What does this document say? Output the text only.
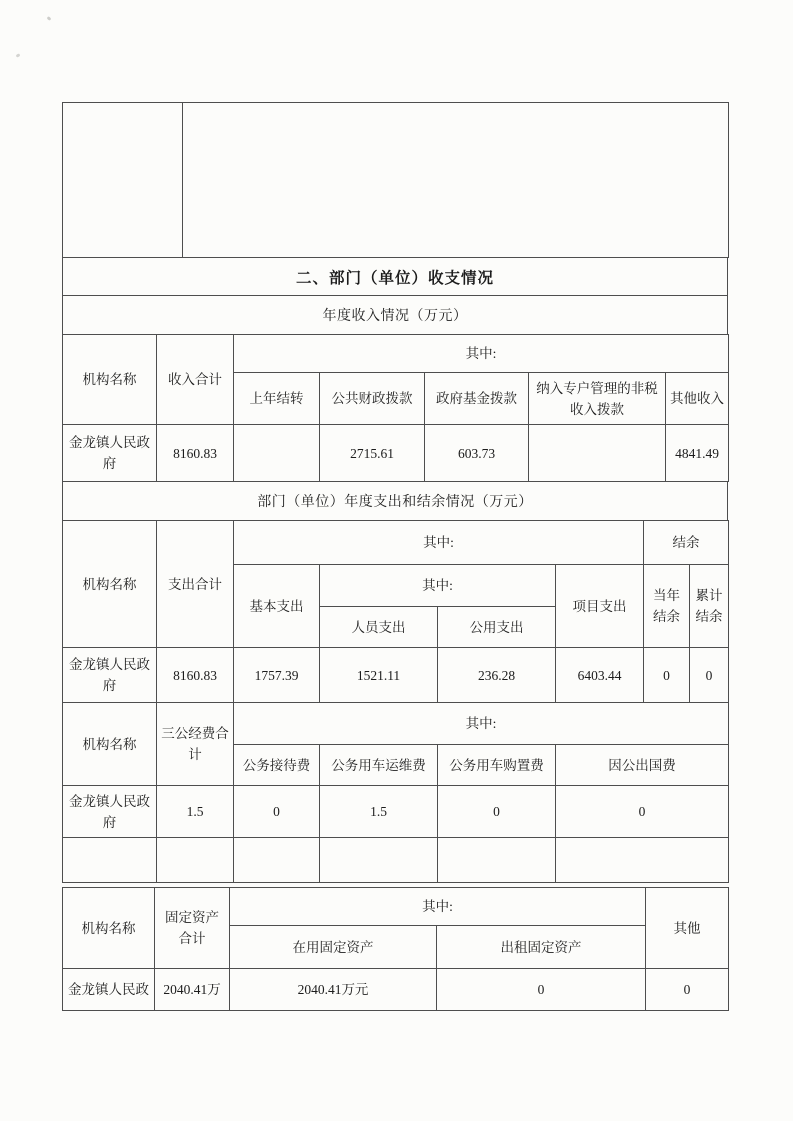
二、部门（单位）收支情况
年度收入情况（万元）
机构名称	收入合计	其中:				
		上年结转	公共财政拨款	政府基金拨款	纳入专户管理的非税收入拨款	其他收入
金龙镇人民政府	8160.83		2715.61	603.73		4841.49
部门（单位）年度支出和结余情况（万元）
机构名称	支出合计	其中:				结余	
		基本支出	其中:		项目支出	当年结余	累计结余
			人员支出	公用支出			
金龙镇人民政府	8160.83	1757.39	1521.11	236.28	6403.44	0	0
机构名称	三公经费合计	其中:			
		公务接待费	公务用车运维费	公务用车购置费	因公出国费
金龙镇人民政府	1.5	0	1.5	0	0

机构名称	固定资产合计	其中:		其他
		在用固定资产	出租固定资产	
金龙镇人民政	2040.41万	2040.41万元	0	0
